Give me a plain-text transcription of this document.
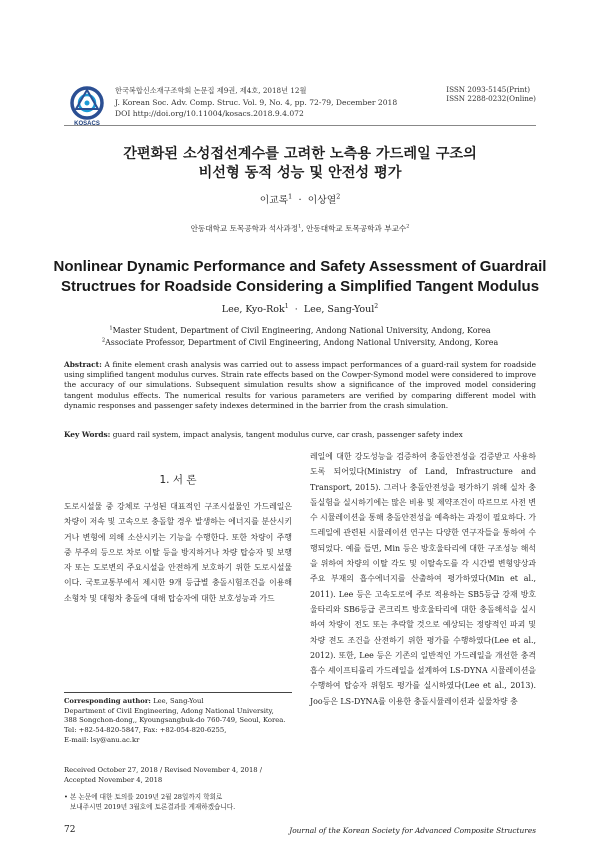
KOSACS
한국복합신소재구조학회 논문집 제9권, 제4호, 2018년 12월
J. Korean Soc. Adv. Comp. Struc. Vol. 9, No. 4, pp. 72-79, December 2018
DOI http://doi.org/10.11004/kosacs.2018.9.4.072
ISSN 2093-5145(Print)
ISSN 2288-0232(Online)
간편화된 소성접선계수를 고려한 노측용 가드레일 구조의
비선형 동적 성능 및 안전성 평가
이교록$^1$ · 이상열$^2$
안동대학교 토목공학과 석사과정$^1$, 안동대학교 토목공학과 부교수$^2$
Nonlinear Dynamic Performance and Safety Assessment of Guardrail
Structrues for Roadside Considering a Simplified Tangent Modulus
Lee, Kyo-Rok$^1$ · Lee, Sang-Youl$^2$
$^1$Master Student, Department of Civil Engineering, Andong National University, Andong, Korea
$^2$Associate Professor, Department of Civil Engineering, Andong National University, Andong, Korea
Abstract: A finite element crash analysis was carried out to assess impact performances of a guard-rail system for roadside using simplified tangent modulus curves. Strain rate effects based on the Cowper-Symond model were considered to improve the accuracy of our simulations. Subsequent simulation results show a significance of the improved model considering tangent modulus effects. The numerical results for various parameters are verified by comparing different model with dynamic responses and passenger safety indexes determined in the barrier from the crash simulation.
Key Words: guard rail system, impact analysis, tangent modulus curve, car crash, passenger safety index
1. 서 론

도로시설물 중 강체로 구성된 대표적인 구조시설물인 가드레일은 차량이 저속 및 고속으로 충돌할 경우 발생하는 에너지를 분산시키거나 변형에 의해 소산시키는 기능을 수행한다. 또한 차량이 주행 중 부주의 등으로 차로 이탈 등을 방지하거나 차량 탑승자 및 보행자 또는 도로변의 주요시설을 안전하게 보호하기 위한 도로시설물이다. 국토교통부에서 제시한 9개 등급별 충돌시험조건을 이용해 소형차 및 대형차 충돌에 대해 탑승자에 대한 보호성능과 가드

레일에 대한 강도성능을 검증하여 충돌안전성을 검증받고 사용하도록 되어있다(Ministry of Land, Infrastructure and Transport, 2015). 그러나 충돌안전성을 평가하기 위해 실차 충돌실험을 실시하기에는 많은 비용 및 제약조건이 따르므로 사전 변수 시뮬레이션을 통해 충돌안전성을 예측하는 과정이 필요하다. 가드레일에 관련된 시뮬레이션 연구는 다양한 연구자들을 통하여 수행되었다. 예를 들면, Min 등은 방호울타리에 대한 구조성능 해석을 위하여 차량의 이탈 각도 및 이탈속도를 각 시간별 변형양상과 주요 부재의 흡수에너지를 산출하여 평가하였다(Min et al., 2011). Lee 등은 고속도로에 주로 적용하는 SB5등급 강재 방호울타리와 SB6등급 콘크리트 방호울타리에 대한 충돌해석을 실시하여 차량이 전도 또는 추락할 것으로 예상되는 정량적인 파괴 및 차량 전도 조건을 산전하기 위한 평가를 수행하였다(Lee et al., 2012). 또한, Lee 등은 기존의 일반적인 가드레일을 개선한 충격흡수 셰이프티롤리 가드레일을 설계하여 LS-DYNA 시뮬레이션을 수행하여 탑승자 위험도 평가를 실시하였다(Lee et al., 2013). Joo등은 LS-DYNA를 이용한 충돌시뮬레이션과 실물차량 충

Corresponding author: Lee, Sang-Youl
Department of Civil Engineering, Adong National University,
388 Songchon-dong,, Kyoungsangbuk-do 760-749, Seoul, Korea.
Tel: +82-54-820-5847, Fax: +82-054-820-6255,
E-mail: lsy@anu.ac.kr
Received October 27, 2018 / Revised November 4, 2018 /
Accepted November 4, 2018
• 본 논문에 대한 토의를 2019년 2월 28일까지 학회로
보내주시면 2019년 3월호에 토론결과를 게재하겠습니다.
72	Journal of the Korean Society for Advanced Composite Structures
